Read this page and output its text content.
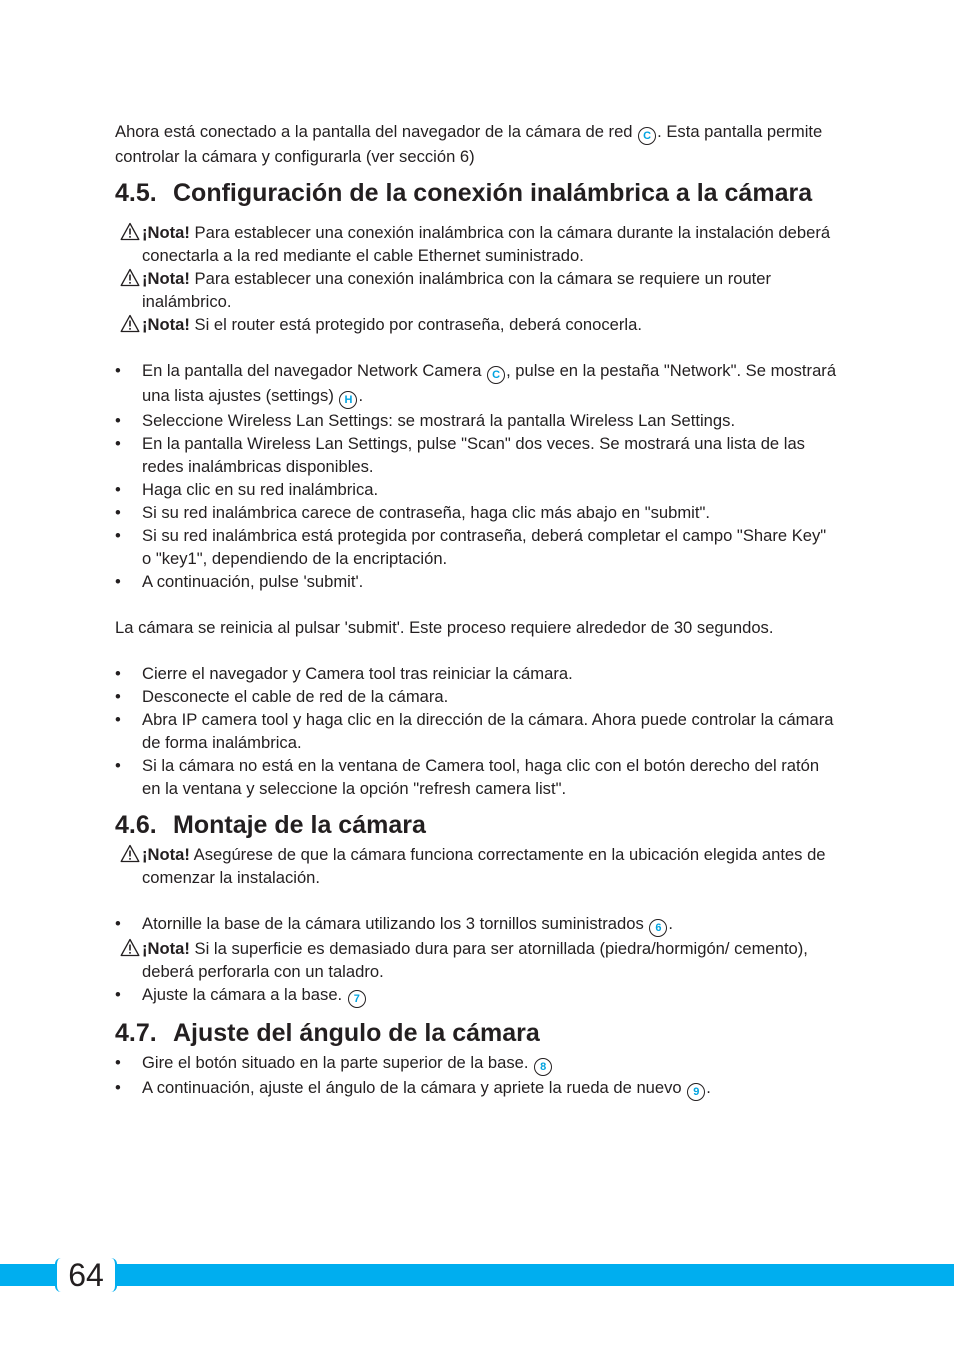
Ahora está conectado a la pantalla del navegador de la cámara de red C . Esta pantalla permite controlar la cámara y configurarla (ver sección 6)

4.5. Configuración de la conexión inalámbrica a la cámara

¡Nota! Para establecer una conexión inalámbrica con la cámara durante la instalación deberá conectarla a la red mediante el cable Ethernet suministrado.

¡Nota! Para establecer una conexión inalámbrica con la cámara se requiere un router inalámbrico.

¡Nota! Si el router está protegido por contraseña, deberá conocerla.

• En la pantalla del navegador Network Camera C , pulse en la pestaña "Network". Se mostrará una lista ajustes (settings) H .
• Seleccione Wireless Lan Settings: se mostrará la pantalla Wireless Lan Settings.
• En la pantalla Wireless Lan Settings, pulse "Scan" dos veces. Se mostrará una lista de las redes inalámbricas disponibles.
• Haga clic en su red inalámbrica.
• Si su red inalámbrica carece de contraseña, haga clic más abajo en "submit".
• Si su red inalámbrica está protegida por contraseña, deberá completar el campo "Share Key" o "key1", dependiendo de la encriptación.
• A continuación, pulse 'submit'.

La cámara se reinicia al pulsar 'submit'. Este proceso requiere alrededor de 30 segundos.

• Cierre el navegador y Camera tool tras reiniciar la cámara.
• Desconecte el cable de red de la cámara.
• Abra IP camera tool y haga clic en la dirección de la cámara. Ahora puede controlar la cámara de forma inalámbrica.
• Si la cámara no está en la ventana de Camera tool, haga clic con el botón derecho del ratón en la ventana y seleccione la opción "refresh camera list".
4.6. Montaje de la cámara

¡Nota! Asegúrese de que la cámara funciona correctamente en la ubicación elegida antes de comenzar la instalación.

• Atornille la base de la cámara utilizando los 3 tornillos suministrados 6 .

¡Nota! Si la superficie es demasiado dura para ser atornillada (piedra/hormigón/ cemento), deberá perforarla con un taladro.

• Ajuste la cámara a la base. 7
4.7. Ajuste del ángulo de la cámara
• Gire el botón situado en la parte superior de la base. 8
• A continuación, ajuste el ángulo de la cámara y apriete la rueda de nuevo 9 .
64
